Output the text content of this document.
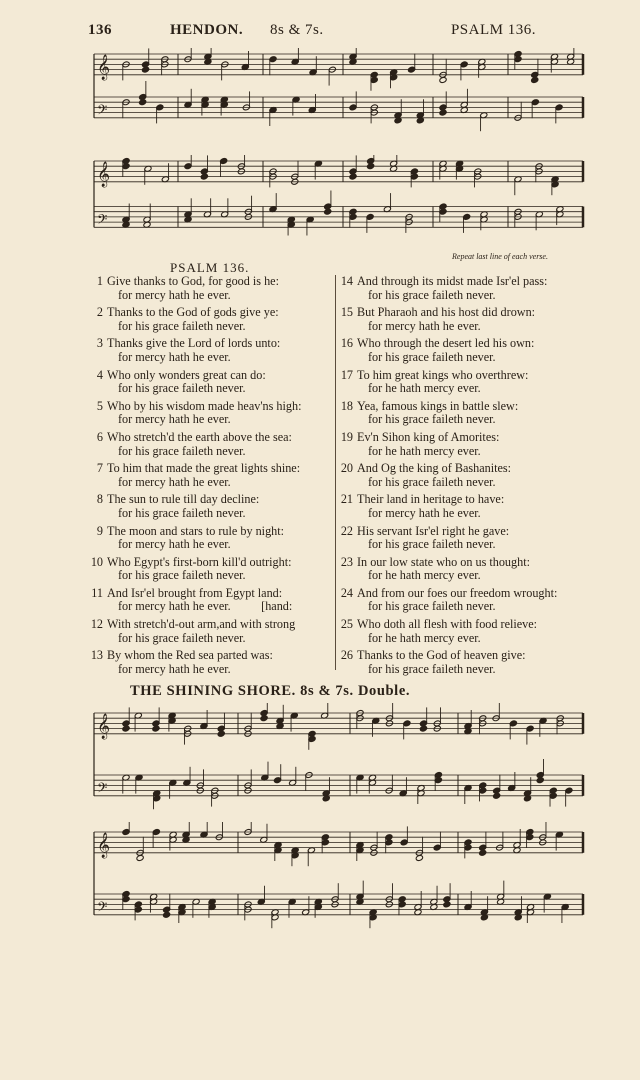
136	HENDON. 8s & 7s.	PSALM 136.
𝄞
𝄢
𝄞
𝄢
Repeat last line of each verse.
PSALM 136.
1 Give thanks to God, for good is he:
for mercy hath he ever.
2 Thanks to the God of gods give ye:
for his grace faileth never.
3 Thanks give the Lord of lords unto:
for mercy hath he ever.
4 Who only wonders great can do:
for his grace faileth never.
5 Who by his wisdom made heav'ns high:
for mercy hath he ever.
6 Who stretch'd the earth above the sea:
for his grace faileth never.
7 To him that made the great lights shine:
for mercy hath he ever.
8 The sun to rule till day decline:
for his grace faileth never.
9 The moon and stars to rule by night:
for mercy hath he ever.
10 Who Egypt's first-born kill'd outright:
for his grace faileth never.
11 And Isr'el brought from Egypt land:
for mercy hath he ever.          [hand:
12 With stretch'd-out arm,and with strong
for his grace faileth never.
13 By whom the Red sea parted was:
for mercy hath he ever.
14 And through its midst made Isr'el pass:
for his grace faileth never.
15 But Pharaoh and his host did drown:
for mercy hath he ever.
16 Who through the desert led his own:
for his grace faileth never.
17 To him great kings who overthrew:
for he hath mercy ever.
18 Yea, famous kings in battle slew:
for his grace faileth never.
19 Ev'n Sihon king of Amorites:
for he hath mercy ever.
20 And Og the king of Bashanites:
for his grace faileth never.
21 Their land in heritage to have:
for mercy hath he ever.
22 His servant Isr'el right he gave:
for his grace faileth never.
23 In our low state who on us thought:
for he hath mercy ever.
24 And from our foes our freedom wrought:
for his grace faileth never.
25 Who doth all flesh with food relieve:
for he hath mercy ever.
26 Thanks to the God of heaven give:
for his grace faileth never.
THE SHINING SHORE. 8s & 7s. Double.
𝄞
𝄢
𝄞
𝄢
